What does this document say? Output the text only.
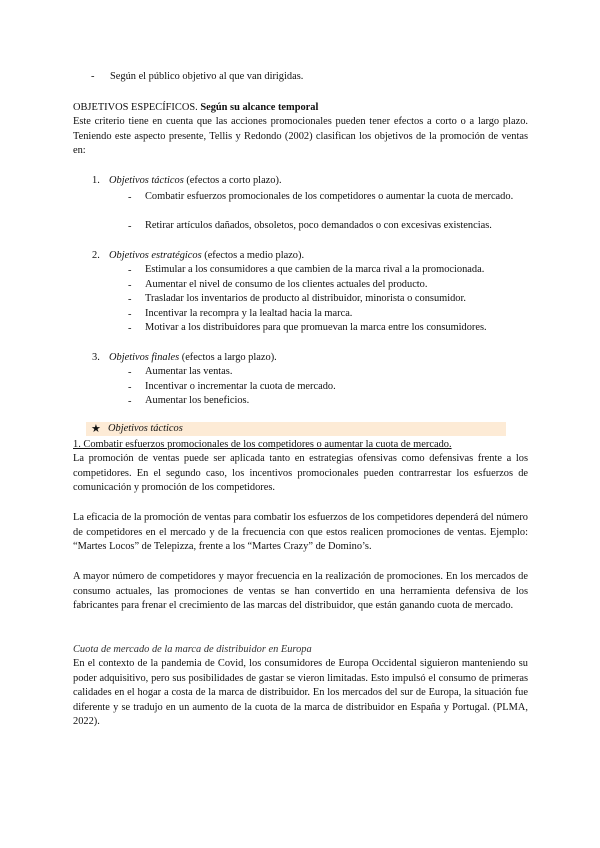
- Según el público objetivo al que van dirigidas.
OBJETIVOS ESPECÍFICOS. Según su alcance temporal
Este criterio tiene en cuenta que las acciones promocionales pueden tener efectos a corto o a largo plazo. Teniendo este aspecto presente, Tellis y Redondo (2002) clasifican los objetivos de la promoción de ventas en:
1. Objetivos tácticos (efectos a corto plazo).
- Combatir esfuerzos promocionales de los competidores o aumentar la cuota de mercado.
- Retirar artículos dañados, obsoletos, poco demandados o con excesivas existencias.
2. Objetivos estratégicos (efectos a medio plazo).
- Estimular a los consumidores a que cambien de la marca rival a la promocionada.
- Aumentar el nivel de consumo de los clientes actuales del producto.
- Trasladar los inventarios de producto al distribuidor, minorista o consumidor.
- Incentivar la recompra y la lealtad hacia la marca.
- Motivar a los distribuidores para que promuevan la marca entre los consumidores.
3. Objetivos finales (efectos a largo plazo).
- Aumentar las ventas.
- Incentivar o incrementar la cuota de mercado.
- Aumentar los beneficios.
★ Objetivos tácticos
1. Combatir esfuerzos promocionales de los competidores o aumentar la cuota de mercado.
La promoción de ventas puede ser aplicada tanto en estrategias ofensivas como defensivas frente a los competidores. En el segundo caso, los incentivos promocionales pueden contrarrestar los esfuerzos de comunicación y promoción de los competidores.
La eficacia de la promoción de ventas para combatir los esfuerzos de los competidores dependerá del número de competidores en el mercado y de la frecuencia con que estos realicen promociones de ventas. Ejemplo: “Martes Locos” de Telepizza, frente a los “Martes Crazy” de Domino’s.
A mayor número de competidores y mayor frecuencia en la realización de promociones. En los mercados de consumo actuales, las promociones de ventas se han convertido en una herramienta defensiva de los fabricantes para frenar el crecimiento de las marcas del distribuidor, que están ganando cuota de mercado.
Cuota de mercado de la marca de distribuidor en Europa
En el contexto de la pandemia de Covid, los consumidores de Europa Occidental siguieron manteniendo su poder adquisitivo, pero sus posibilidades de gastar se vieron limitadas. Esto impulsó el consumo de primeras calidades en el hogar a costa de la marca de distribuidor. En los mercados del sur de Europa, la situación fue diferente y se tradujo en un aumento de la cuota de la marca de distribuidor en España y Portugal. (PLMA, 2022).
